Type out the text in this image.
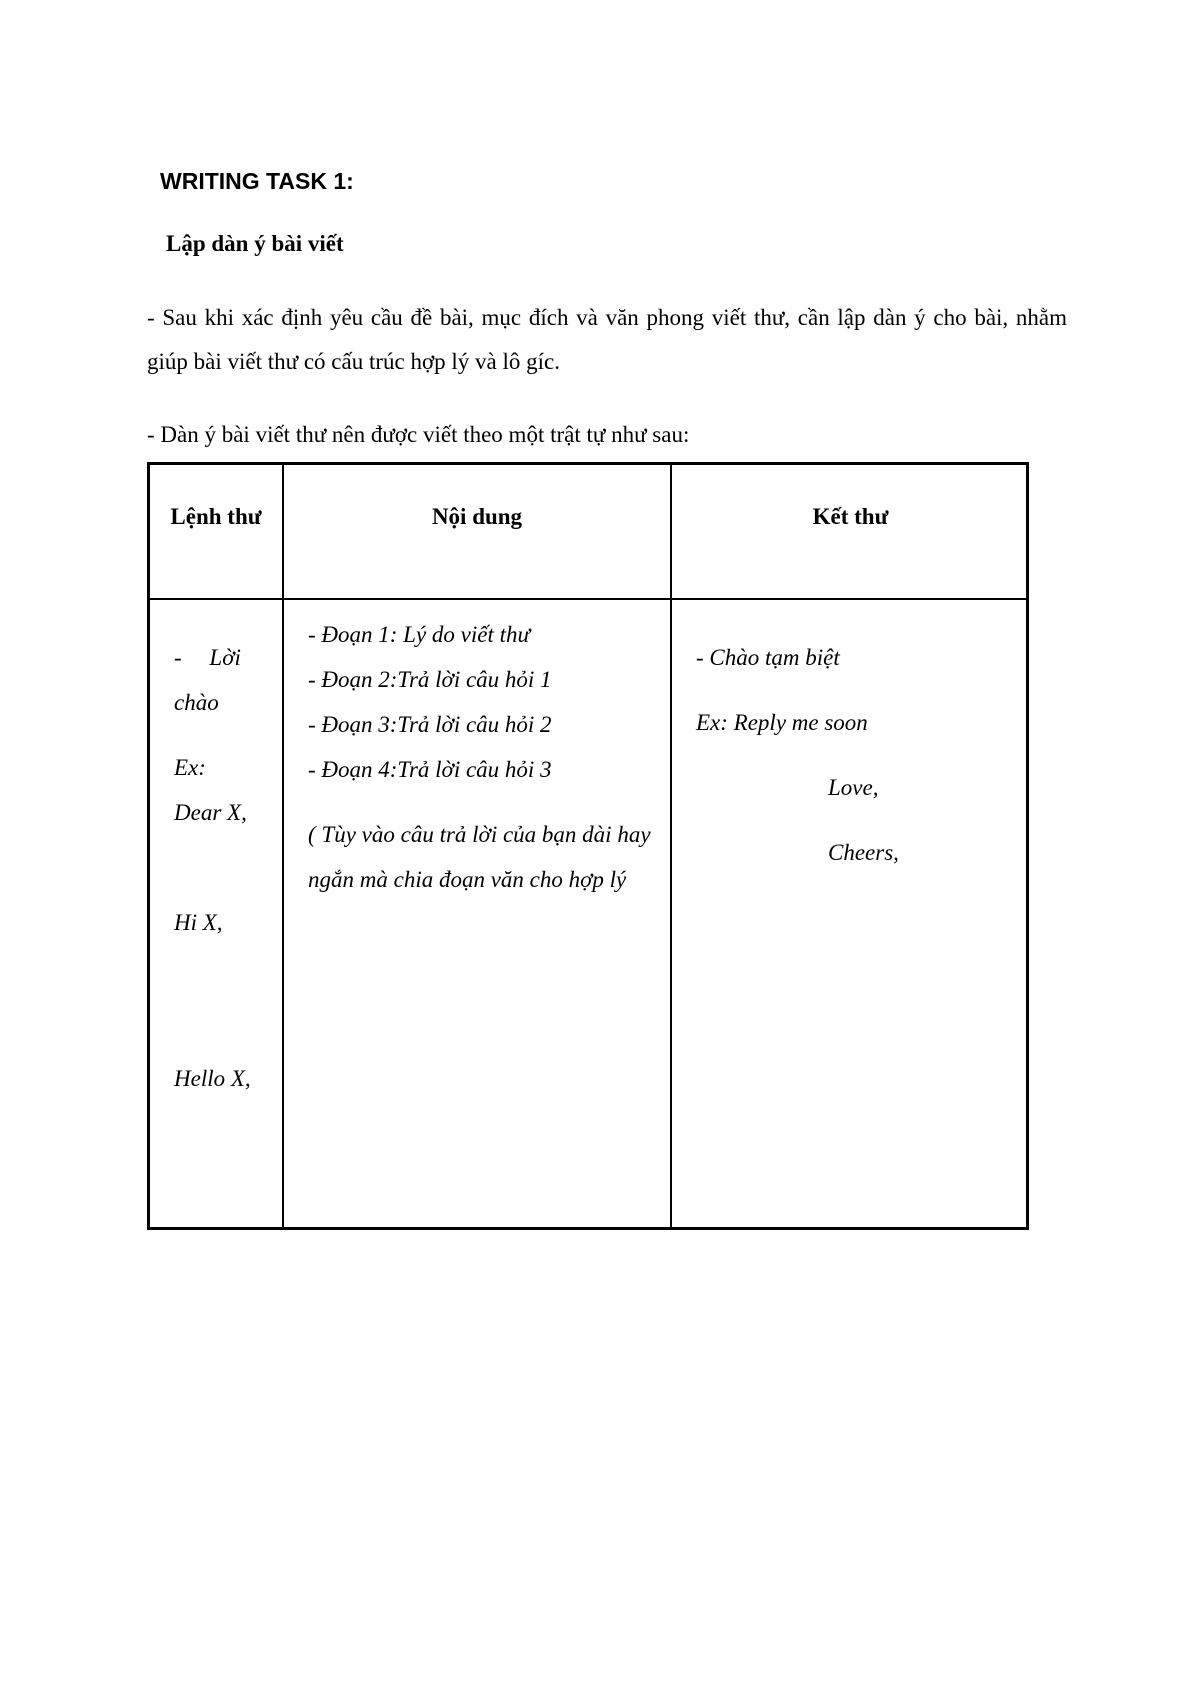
WRITING TASK 1:
Lập dàn ý bài viết

- Sau khi xác định yêu cầu đề bài, mục đích và văn phong viết thư, cần lập dàn ý cho bài, nhằm giúp bài viết thư có cấu trúc hợp lý và lô gíc.

- Dàn ý bài viết thư nên được viết theo một trật tự như sau:

Lệnh thư	Nội dung	Kết thư

- Lời chào

Ex:

Dear X,

Hi X,

Hello X,

- Đoạn 1: Lý do viết thư

- Đoạn 2:Trả lời câu hỏi 1

- Đoạn 3:Trả lời câu hỏi 2

- Đoạn 4:Trả lời câu hỏi 3

( Tùy vào câu trả lời của bạn dài hay ngắn mà chia đoạn văn cho hợp lý

- Chào tạm biệt

Ex: Reply me soon

Love,

Cheers,
